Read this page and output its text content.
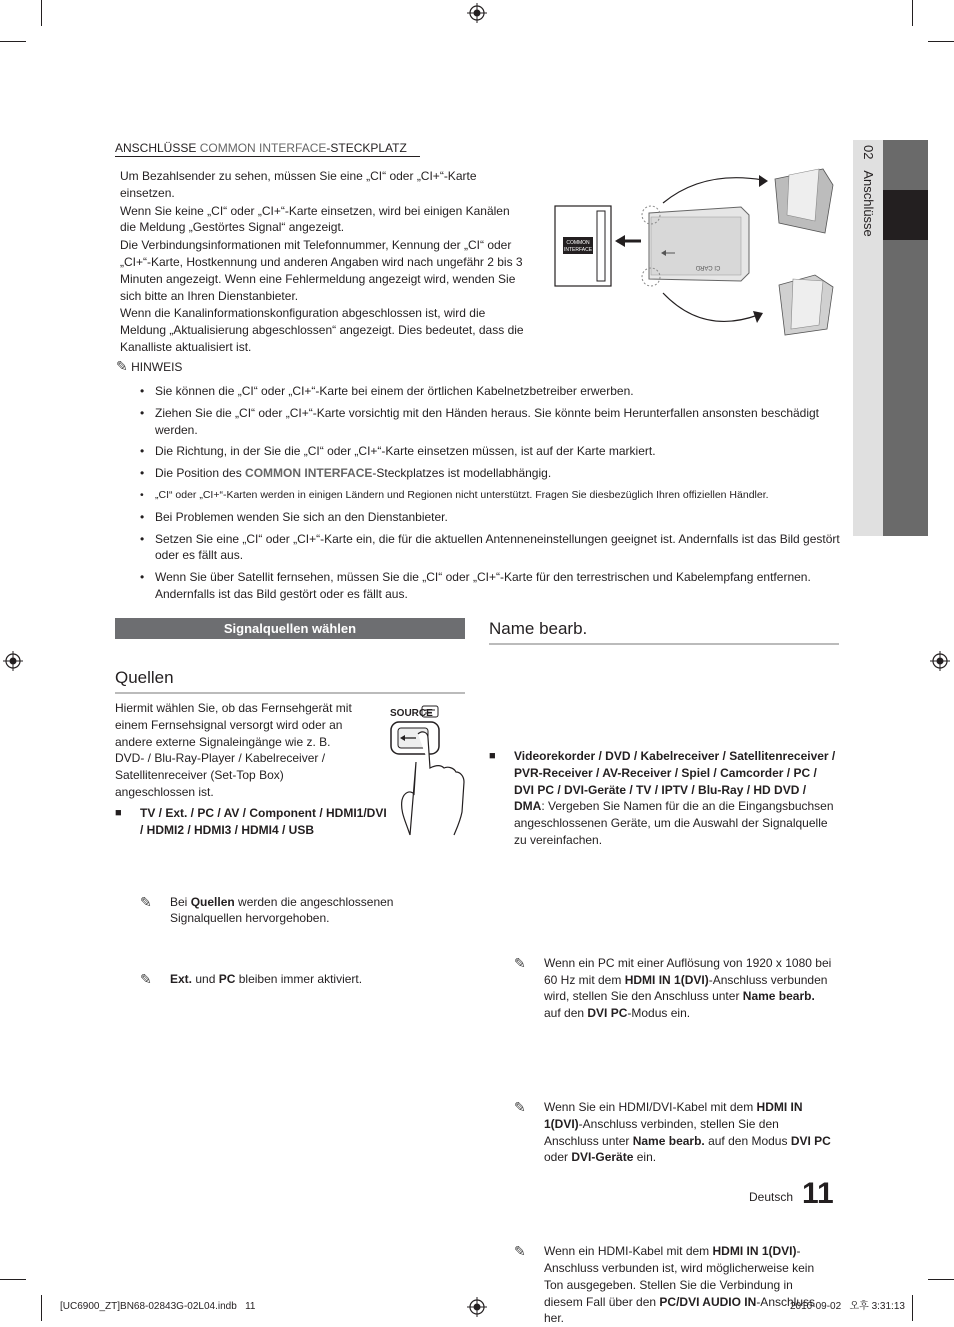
02   Anschlüsse
ANSCHLÜSSE COMMON INTERFACE-STECKPLATZ

Um Bezahlsender zu sehen, müssen Sie eine „CI“ oder „CI+“-Karte einsetzen.

Wenn Sie keine „CI“ oder „CI+“-Karte einsetzen, wird bei einigen Kanälen die Meldung „Gestörtes Signal“ angezeigt.

Die Verbindungsinformationen mit Telefonnummer, Kennung der „CI“ oder „CI+“-Karte, Hostkennung und anderen Angaben wird nach ungefähr 2 bis 3 Minuten angezeigt. Wenn eine Fehlermeldung angezeigt wird, wenden Sie sich bitte an Ihren Dienstanbieter.

Wenn die Kanalinformationskonfiguration abgeschlossen ist, wird die Meldung „Aktualisierung abgeschlossen“ angezeigt. Dies bedeutet, dass die Kanalliste aktualisiert ist.

COMMON
INTERFACE
CI CARD
✎ HINWEIS
• Sie können die „CI“ oder „CI+“-Karte bei einem der örtlichen Kabelnetzbetreiber erwerben.
• Ziehen Sie die „CI“ oder „CI+“-Karte vorsichtig mit den Händen heraus. Sie könnte beim Herunterfallen ansonsten beschädigt werden.
• Die Richtung, in der Sie die „CI“ oder „CI+“-Karte einsetzen müssen, ist auf der Karte markiert.
• Die Position des COMMON INTERFACE-Steckplatzes ist modellabhängig.
• „CI“ oder „CI+“-Karten werden in einigen Ländern und Regionen nicht unterstützt. Fragen Sie diesbezüglich Ihren offiziellen Händler.
• Bei Problemen wenden Sie sich an den Dienstanbieter.
• Setzen Sie eine „CI“ oder „CI+“-Karte ein, die für die aktuellen Antenneneinstellungen geeignet ist. Andernfalls ist das Bild gestört oder es fällt aus.
• Wenn Sie über Satellit fernsehen, müssen Sie die „CI“ oder „CI+“-Karte für den terrestrischen und Kabelempfang entfernen. Andernfalls ist das Bild gestört oder es fällt aus.
Signalquellen wählen
Quellen
Hiermit wählen Sie, ob das Fernsehgerät mit einem Fernsehsignal versorgt wird oder an andere externe Signaleingänge wie z. B. DVD- / Blu-Ray-Player / Kabelreceiver / Satellitenreceiver (Set-Top Box) angeschlossen ist.
SOURCE
■ TV / Ext. / PC / AV / Component / HDMI1/DVI / HDMI2 / HDMI3 / HDMI4 / USB
✎ Bei Quellen werden die angeschlossenen Signalquellen hervorgehoben.
✎ Ext. und PC bleiben immer aktiviert.
Name bearb.
■ Videorekorder / DVD / Kabelreceiver / Satellitenreceiver / PVR-Receiver / AV-Receiver / Spiel / Camcorder / PC / DVI PC / DVI-Geräte / TV / IPTV / Blu-Ray / HD DVD / DMA: Vergeben Sie Namen für die an die Eingangsbuchsen angeschlossenen Geräte, um die Auswahl der Signalquelle zu vereinfachen.
✎ Wenn ein PC mit einer Auflösung von 1920 x 1080 bei 60 Hz mit dem HDMI IN 1(DVI)-Anschluss verbunden wird, stellen Sie den Anschluss unter Name bearb. auf den DVI PC-Modus ein.
✎ Wenn Sie ein HDMI/DVI-Kabel mit dem HDMI IN 1(DVI)-Anschluss verbinden, stellen Sie den Anschluss unter Name bearb. auf den Modus DVI PC oder DVI-Geräte ein.
✎ Wenn ein HDMI-Kabel mit dem HDMI IN 1(DVI)-Anschluss verbunden ist, wird möglicherweise kein Ton ausgegeben. Stellen Sie die Verbindung in diesem Fall über den PC/DVI AUDIO IN-Anschluss her.
Deutsch 11
[UC6900_ZT]BN68-02843G-02L04.indb   11	2010-09-02   오후 3:31:13
